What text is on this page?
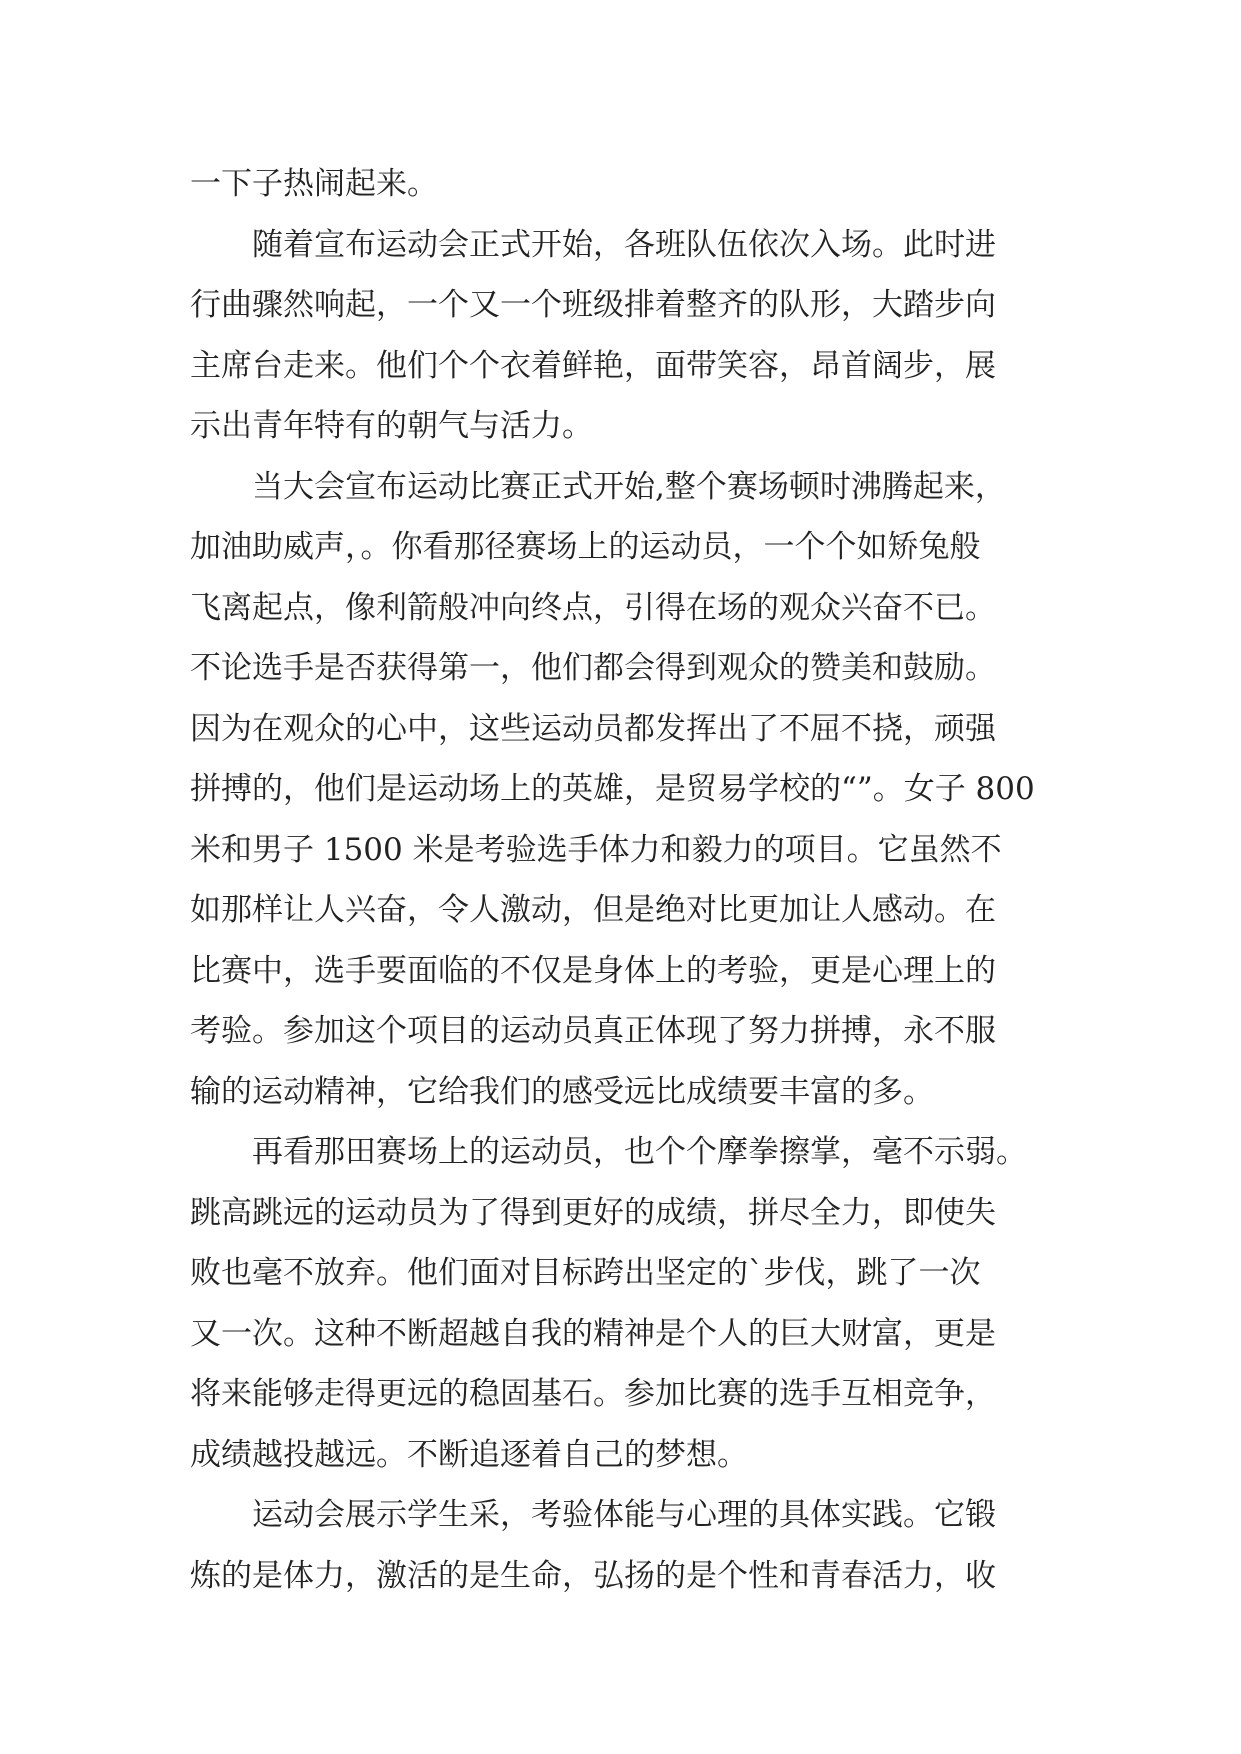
一下子热闹起来。
随着宣布运动会正式开始，各班队伍依次入场。此时进
行曲骤然响起，一个又一个班级排着整齐的队形，大踏步向
主席台走来。他们个个衣着鲜艳，面带笑容，昂首阔步，展
示出青年特有的朝气与活力。
当大会宣布运动比赛正式开始,整个赛场顿时沸腾起来，
加油助威声，。你看那径赛场上的运动员，一个个如矫兔般
飞离起点，像利箭般冲向终点，引得在场的观众兴奋不已。
不论选手是否获得第一，他们都会得到观众的赞美和鼓励。
因为在观众的心中，这些运动员都发挥出了不屈不挠，顽强
拼搏的，他们是运动场上的英雄，是贸易学校的“”。女子 800
米和男子 1500 米是考验选手体力和毅力的项目。它虽然不
如那样让人兴奋，令人激动，但是绝对比更加让人感动。在
比赛中，选手要面临的不仅是身体上的考验，更是心理上的
考验。参加这个项目的运动员真正体现了努力拼搏，永不服
输的运动精神，它给我们的感受远比成绩要丰富的多。
再看那田赛场上的运动员，也个个摩拳擦掌，毫不示弱。
跳高跳远的运动员为了得到更好的成绩，拼尽全力，即使失
败也毫不放弃。他们面对目标跨出坚定的`步伐，跳了一次
又一次。这种不断超越自我的精神是个人的巨大财富，更是
将来能够走得更远的稳固基石。参加比赛的选手互相竞争，
成绩越投越远。不断追逐着自己的梦想。
运动会展示学生采，考验体能与心理的具体实践。它锻
炼的是体力，激活的是生命，弘扬的是个性和青春活力，收
